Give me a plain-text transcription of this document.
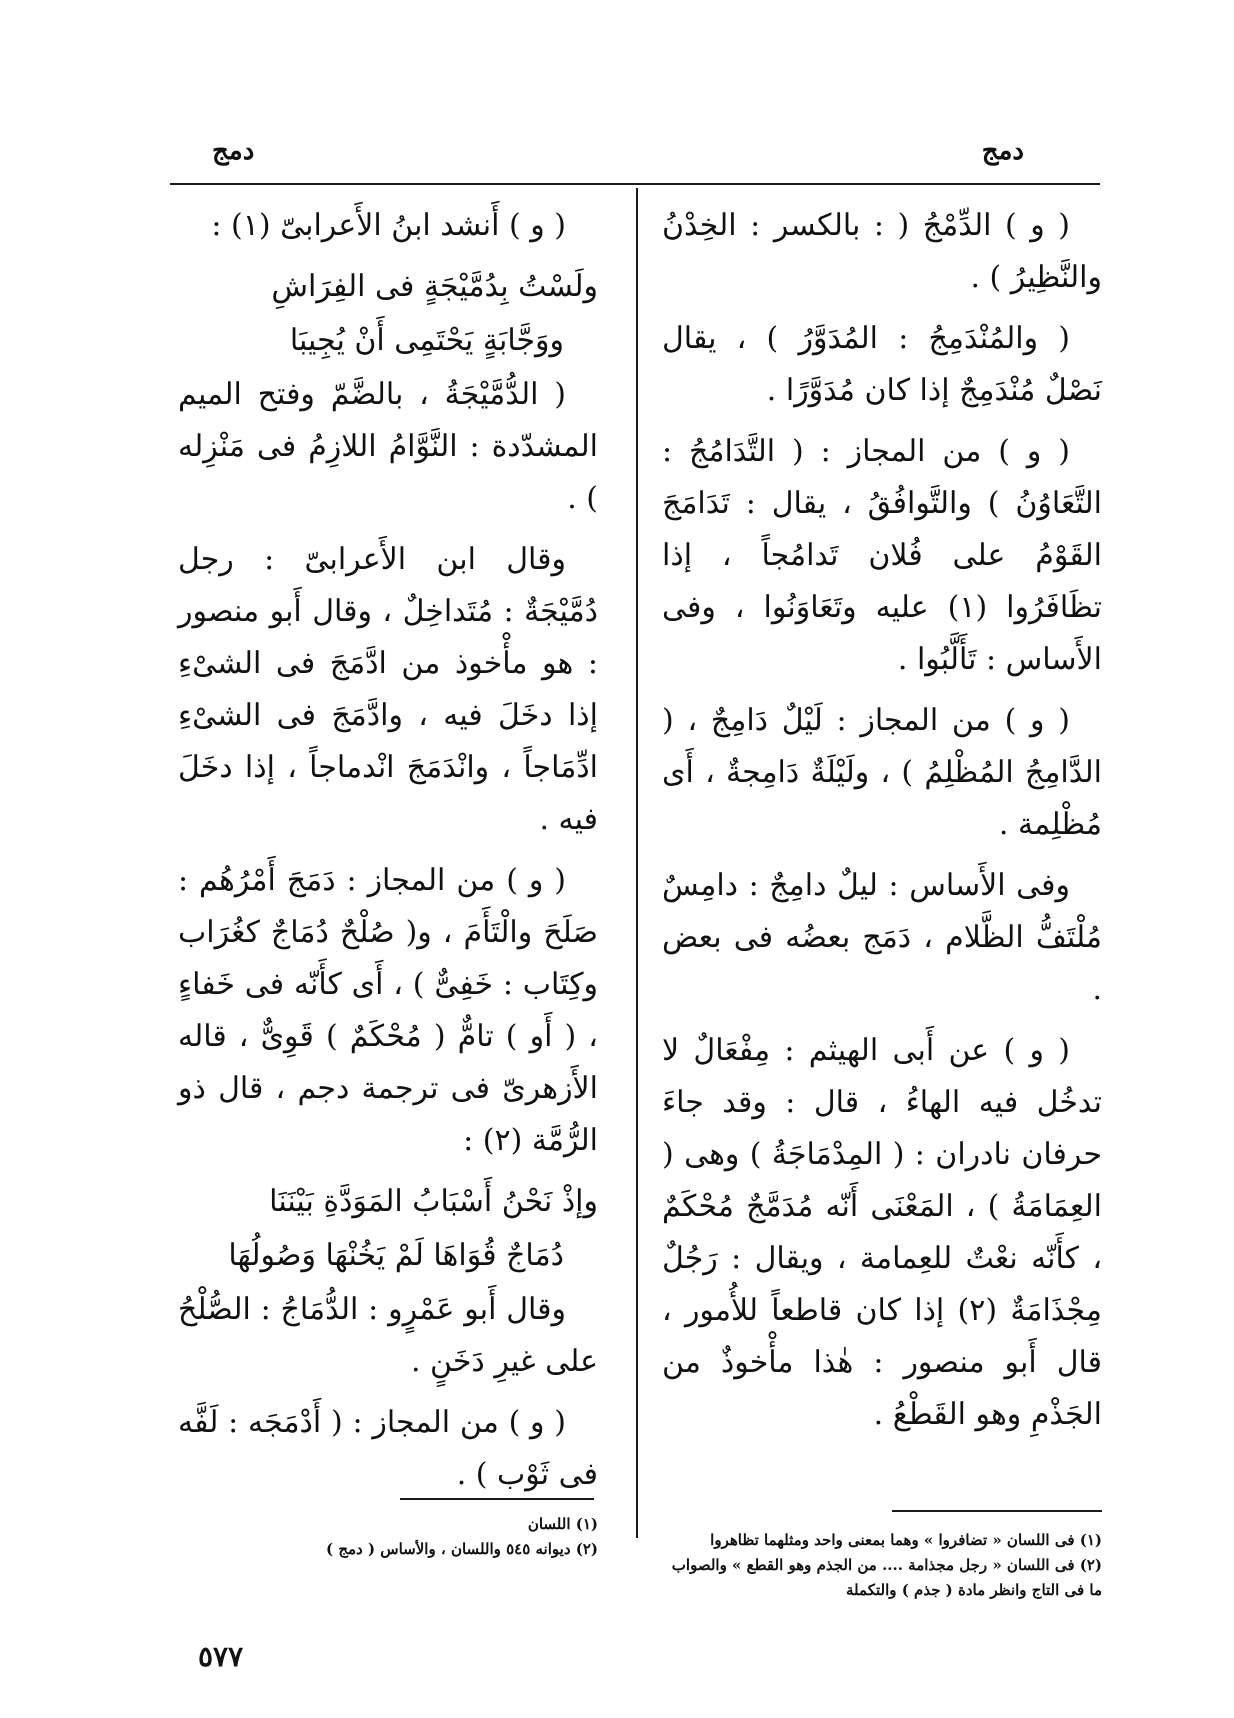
دمج
دمج

( و ) الدِّمْجُ ( : بالكسر : الخِدْنُ والنَّظِيرُ ) .

( والمُنْدَمِجُ : المُدَوَّرُ ) ، يقال نَصْلٌ مُنْدَمِجٌ إذا كان مُدَوَّرًا .

( و ) من المجاز : ( التَّدَامُجُ : التَّعَاوُنُ ) والتَّوافُقُ ، يقال : تَدَامَجَ القَوْمُ على فُلان تَدامُجاً ، إذا تظَافَرُوا (١) عليه وتَعَاوَنُوا ، وفى الأَساس : تَأَلَّبُوا .

( و ) من المجاز : لَيْلٌ دَامِجٌ ، ( الدَّامِجُ المُظْلِمُ ) ، ولَيْلَةٌ دَامِجةٌ ، أَى مُظْلِمة .

وفى الأَساس : ليلٌ دامِجٌ : دامِسٌ مُلْتَفُّ الظَّلام ، دَمَج بعضُه فى بعض .

( و ) عن أَبى الهيثم : مِفْعَالٌ لا تدخُل فيه الهاءُ ، قال : وقد جاءَ حرفان نادران : ( المِدْمَاجَةُ ) وهى ( العِمَامَةُ ) ، المَعْنَى أَنّه مُدَمَّجٌ مُحْكَمٌ ، كأَنّه نعْتٌ للعِمامة ، ويقال : رَجُلٌ مِجْذَامَةٌ (٢) إذا كان قاطعاً للأُمور ، قال أَبو منصور : هٰذا مأْخوذٌ من الجَذْمِ وهو القَطْعُ .

( و ) أَنشد ابنُ الأَعرابىّ (١) :

ولَسْتُ بِدُمَّيْجَةٍ فى الفِرَاشِ

ووَجَّابَةٍ يَحْتَمِى أَنْ يُجِيبَا

( الدُّمَّيْجَةُ ، بالضَّمّ وفتح الميم المشدّدة : النَّوَّامُ اللازِمُ فى مَنْزِله ) .

وقال ابن الأَعرابىّ : رجل دُمَّيْجَةٌ : مُتَداخِلٌ ، وقال أَبو منصور : هو مأْخوذ من ادَّمَجَ فى الشىْءِ إذا دخَلَ فيه ، وادَّمَجَ فى الشىْءِ ادِّمَاجاً ، وانْدَمَجَ انْدماجاً ، إذا دخَلَ فيه .

( و ) من المجاز : دَمَجَ أَمْرُهُم : صَلَحَ والْتَأَمَ ، و( صُلْحٌ دُمَاجٌ كغُرَاب وكِتَاب : خَفِىٌّ ) ، أَى كأَنّه فى خَفاءٍ ، ( أَو ) تامٌّ ( مُحْكَمٌ ) قَوِىٌّ ، قاله الأَزهرىّ فى ترجمة دجم ، قال ذو الرُّمَّة (٢) :

وإذْ نَحْنُ أَسْبَابُ المَوَدَّةِ بَيْنَنَا

دُمَاجٌ قُوَاهَا لَمْ يَخُنْهَا وَصُولُهَا

وقال أَبو عَمْرٍو : الدُّمَاجُ : الصُّلْحُ على غيرِ دَخَنٍ .

( و ) من المجاز : ( أَدْمَجَه : لَفَّه فى ثَوْب ) .

(١) فى اللسان « تضافروا » وهما بمعنى واحد ومثلهما تظاهروا

(٢) فى اللسان « رجل مجذامة .... من الجذم وهو القطع » والصواب ما فى التاج وانظر مادة ( جذم ) والتكملة

(١) اللسان

(٢) ديوانه ٥٤٥ واللسان ، والأساس ( دمج )

٥٧٧
